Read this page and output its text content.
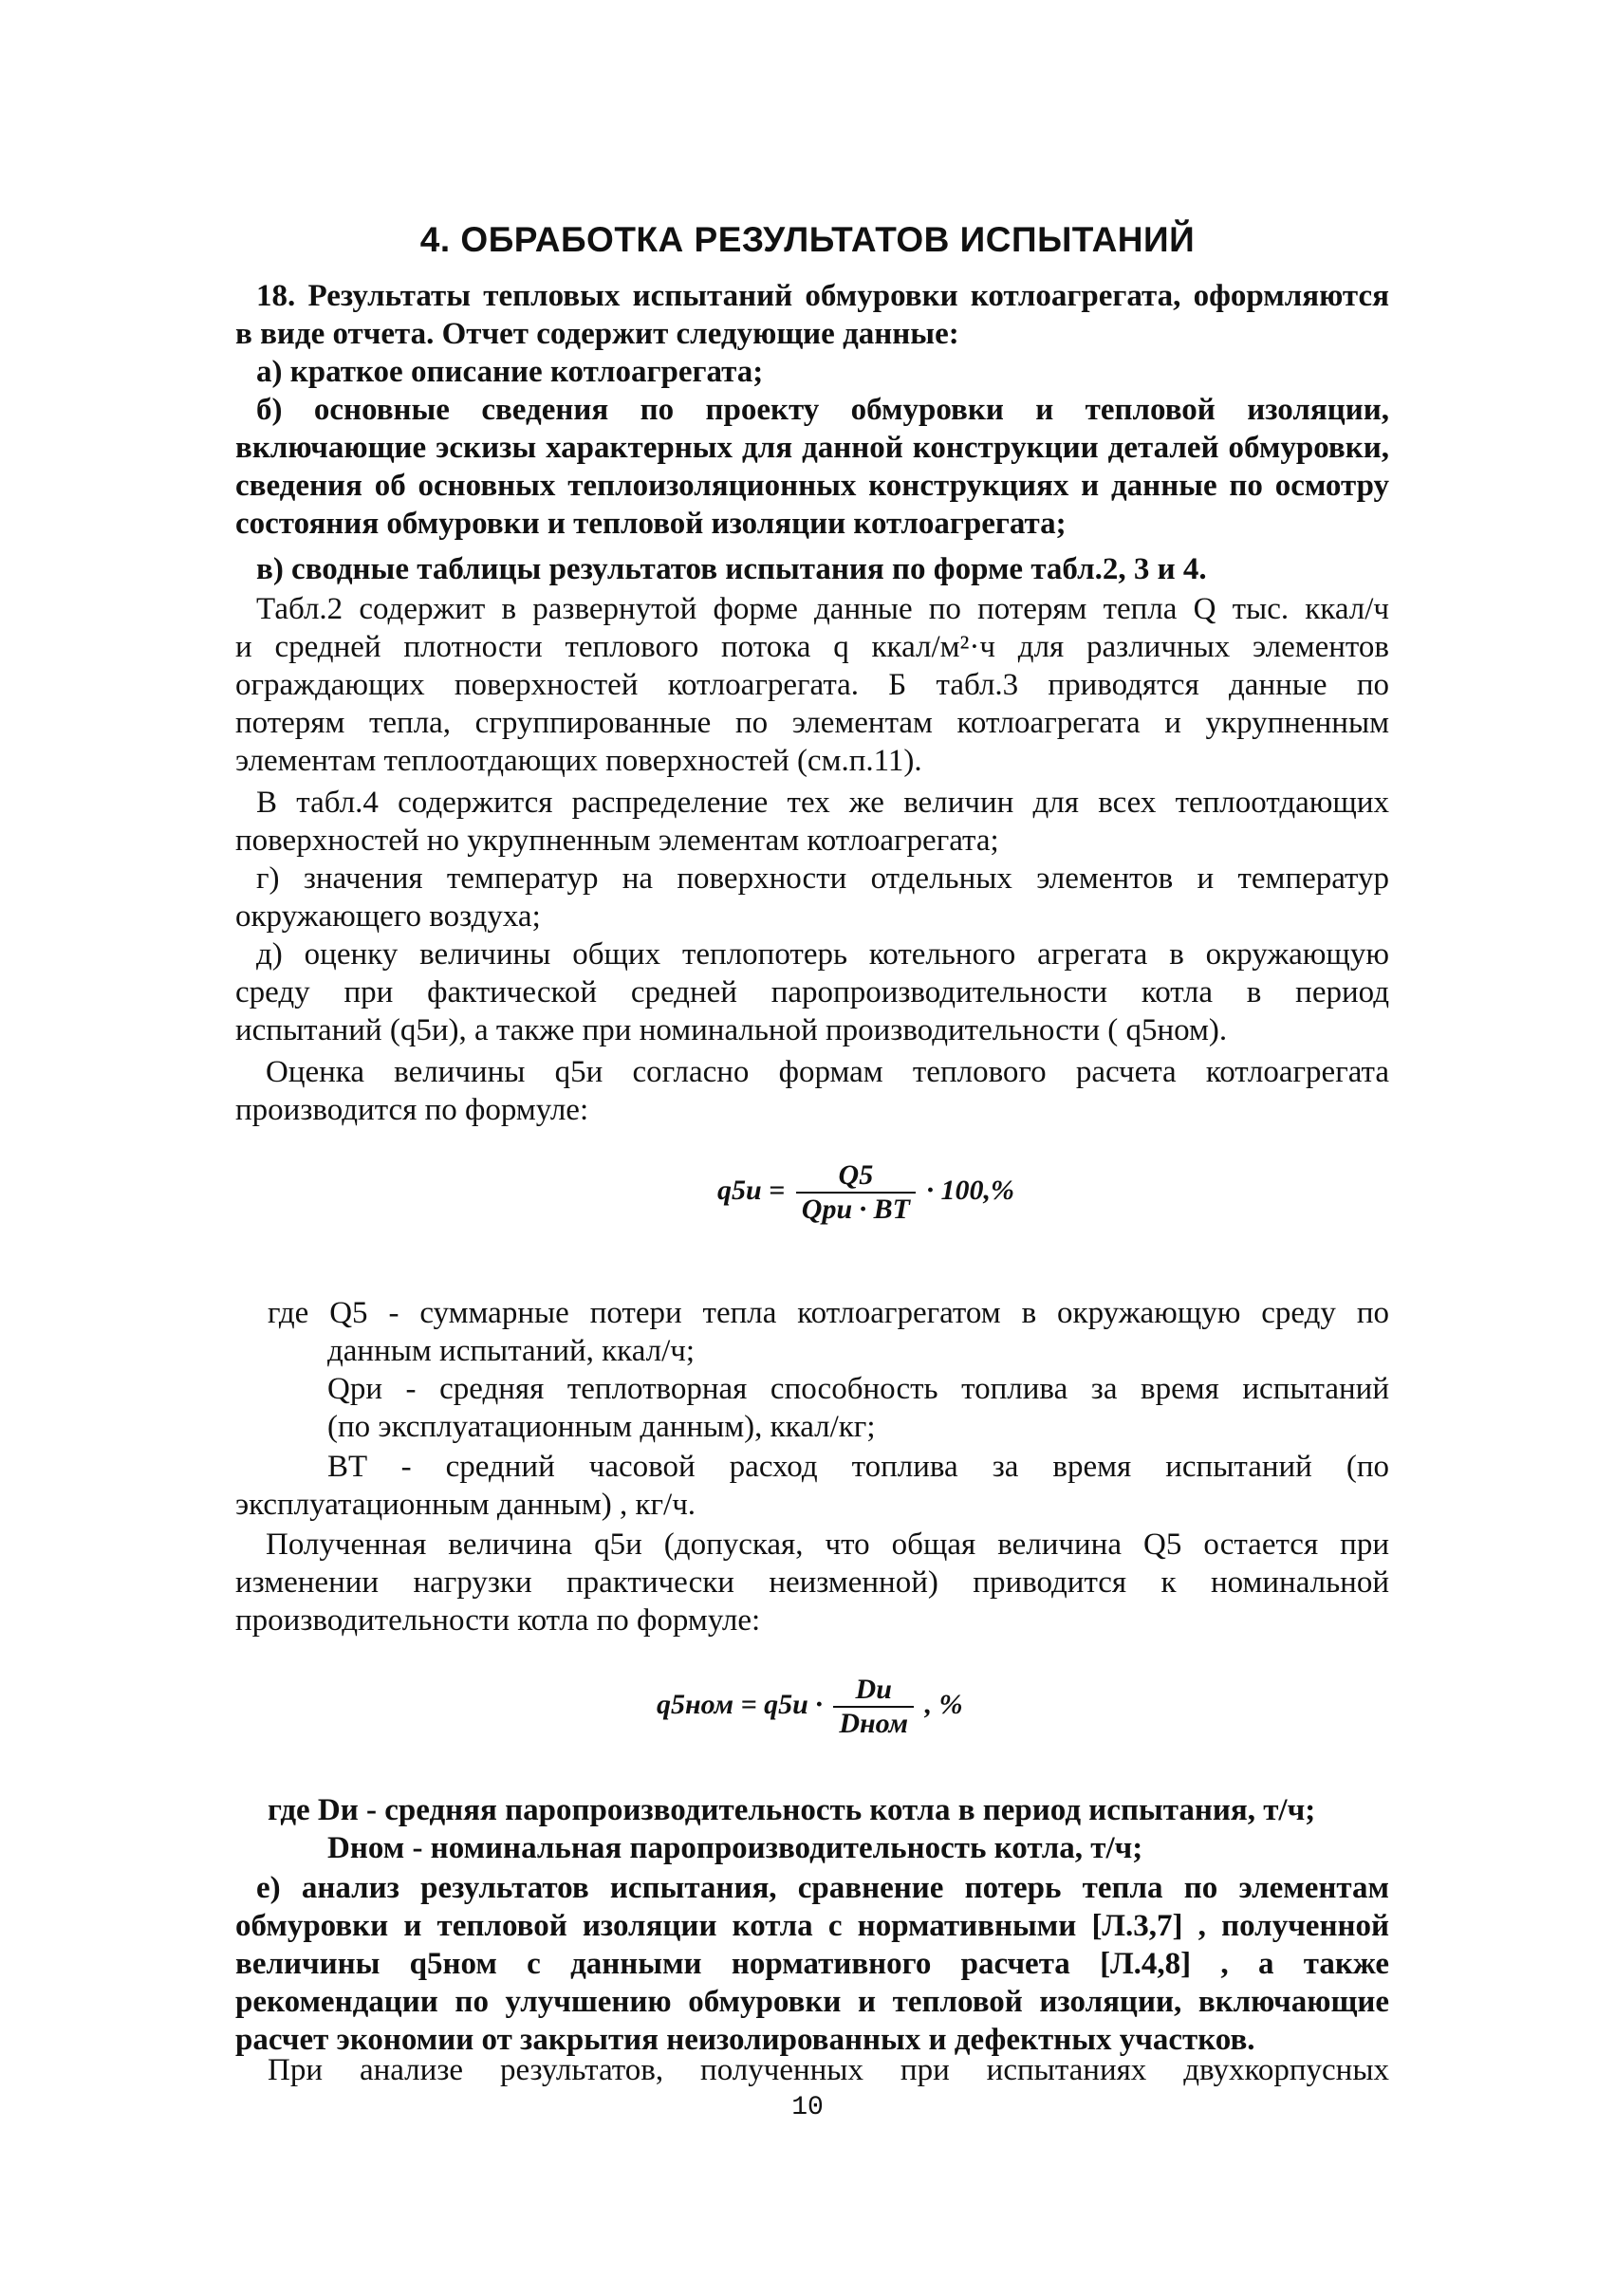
4. ОБРАБОТКА РЕЗУЛЬТАТОВ ИСПЫТАНИЙ
18. Результаты тепловых испытаний обмуровки котлоагрегата, оформляются
в виде отчета. Отчет содержит следующие данные:
а) краткое описание котлоагрегата;
б) основные сведения по проекту обмуровки и тепловой изоляции,
включающие эскизы характерных для данной конструкции деталей обмуровки,
сведения об основных теплоизоляционных конструкциях и данные по осмотру
состояния обмуровки и тепловой изоляции котлоагрегата;
в) сводные таблицы результатов испытания по форме табл.2, 3 и 4.
Табл.2 содержит в развернутой форме данные по потерям тепла Q тыс. ккал/ч
и средней плотности теплового потока q ккал/м²·ч для различных элементов
ограждающих поверхностей котлоагрегата. Б табл.3 приводятся данные по
потерям тепла, сгруппированные по элементам котлоагрегата и укрупненным
элементам теплоотдающих поверхностей (см.п.11).
В табл.4 содержится распределение тех же величин для всех теплоотдающих
поверхностей но укрупненным элементам котлоагрегата;
г) значения температур на поверхности отдельных элементов и температур
окружающего воздуха;
д) оценку величины общих теплопотерь котельного агрегата в окружающую
среду при фактической средней паропроизводительности котла в период
испытаний (q5и), а также при номинальной производительности ( q5ном).
Оценка величины q5и согласно формам теплового расчета котлоагрегата
производится по формуле:
$q5и = \frac{Q5}{\text{Qри · BT}} \cdot 100,\%$
где Q5 - суммарные потери тепла котлоагрегатом в окружающую среду по
данным испытаний, ккал/ч;
Qри - средняя теплотворная способность топлива за время испытаний
(по эксплуатационным данным), ккал/кг;
BT - средний часовой расход топлива за время испытаний (по
эксплуатационным данным) , кг/ч.
Полученная величина q5и (допуская, что общая величина Q5 остается при
изменении нагрузки практически неизменной) приводится к номинальной
производительности котла по формуле:
$q5ном = q5и \cdot \frac{Dи}{\text{Dном}}$ , %
где Dи - средняя паропроизводительность котла в период испытания, т/ч;
Dном - номинальная паропроизводительность котла, т/ч;
е) анализ результатов испытания, сравнение потерь тепла по элементам
обмуровки и тепловой изоляции котла с нормативными [Л.3,7] , полученной
величины q5ном с данными нормативного расчета [Л.4,8] , а также
рекомендации по улучшению обмуровки и тепловой изоляции, включающие
расчет экономии от закрытия неизолированных и дефектных участков.
При анализе результатов, полученных при испытаниях двухкорпусных
10
